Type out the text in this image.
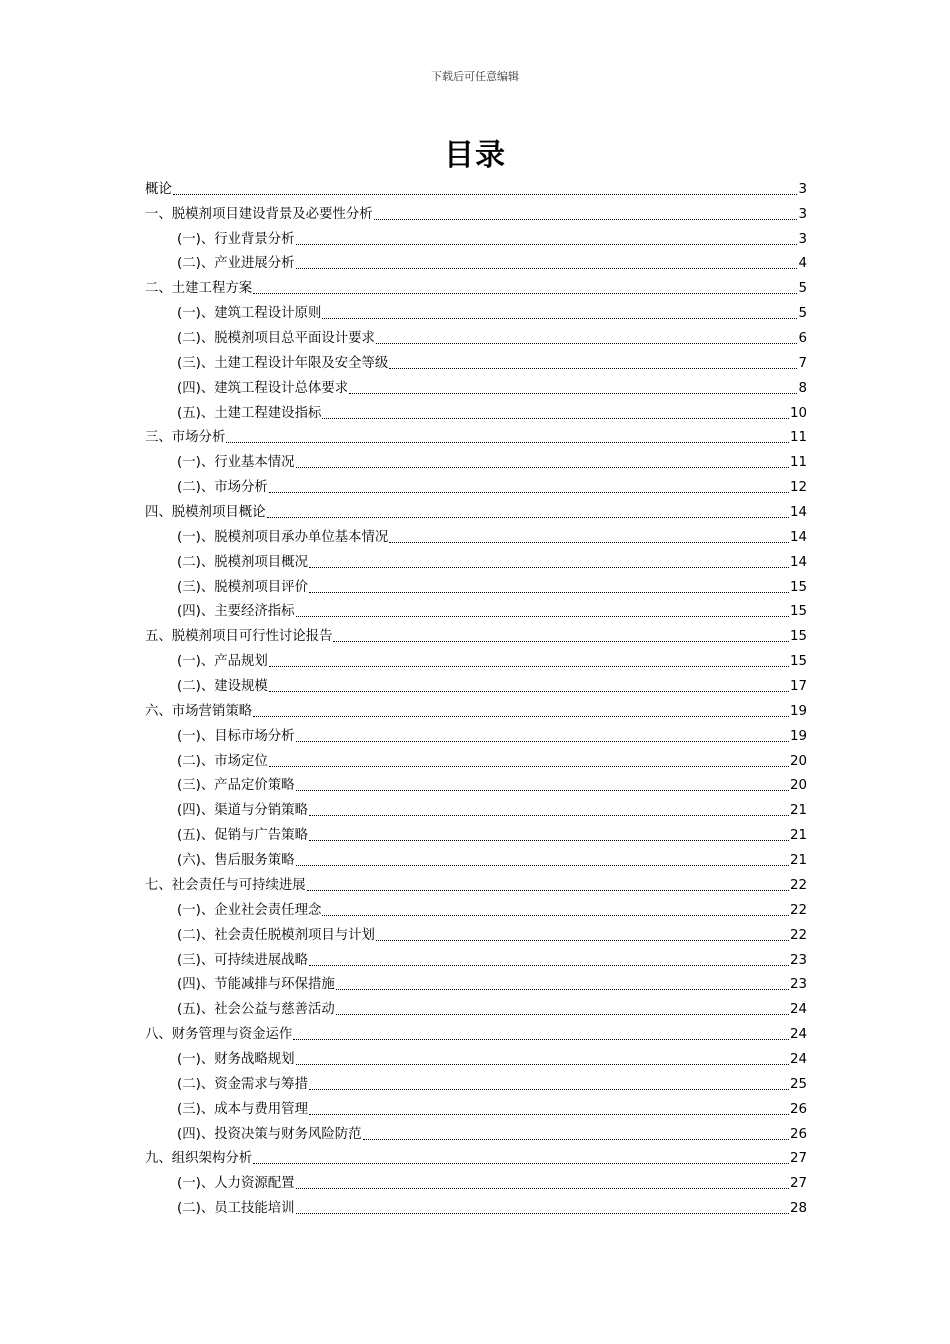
下载后可任意编辑
目录
概论	3
一、脱模剂项目建设背景及必要性分析	3
(一)、行业背景分析	3
(二)、产业进展分析	4
二、土建工程方案	5
(一)、建筑工程设计原则	5
(二)、脱模剂项目总平面设计要求	6
(三)、土建工程设计年限及安全等级	7
(四)、建筑工程设计总体要求	8
(五)、土建工程建设指标	10
三、市场分析	11
(一)、行业基本情况	11
(二)、市场分析	12
四、脱模剂项目概论	14
(一)、脱模剂项目承办单位基本情况	14
(二)、脱模剂项目概况	14
(三)、脱模剂项目评价	15
(四)、主要经济指标	15
五、脱模剂项目可行性讨论报告	15
(一)、产品规划	15
(二)、建设规模	17
六、市场营销策略	19
(一)、目标市场分析	19
(二)、市场定位	20
(三)、产品定价策略	20
(四)、渠道与分销策略	21
(五)、促销与广告策略	21
(六)、售后服务策略	21
七、社会责任与可持续进展	22
(一)、企业社会责任理念	22
(二)、社会责任脱模剂项目与计划	22
(三)、可持续进展战略	23
(四)、节能减排与环保措施	23
(五)、社会公益与慈善活动	24
八、财务管理与资金运作	24
(一)、财务战略规划	24
(二)、资金需求与筹措	25
(三)、成本与费用管理	26
(四)、投资决策与财务风险防范	26
九、组织架构分析	27
(一)、人力资源配置	27
(二)、员工技能培训	28
